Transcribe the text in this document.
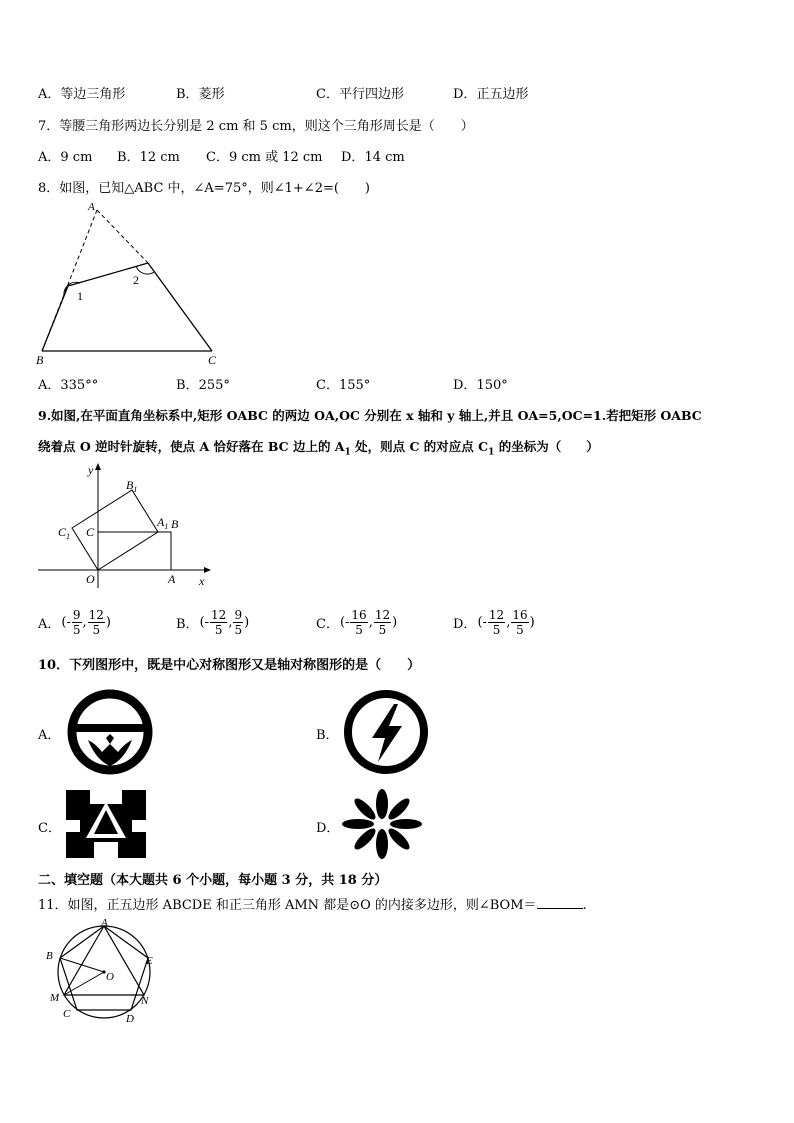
A．等边三角形	B．菱形	C．平行四边形	D．正五边形
7．等腰三角形两边长分别是 2 cm 和 5 cm，则这个三角形周长是（　　）
A．9 cm B．12 cm C．9 cm 或 12 cm D．14 cm
8．如图，已知△ABC 中，∠A=75°，则∠1+∠2=(　　)
A
B	C
1
2
A．335°°	B．255°	C．155°	D．150°
9.如图,在平面直角坐标系中,矩形 OABC 的两边 OA,OC 分别在 x 轴和 y 轴上,并且 OA=5,OC=1.若把矩形 OABC
绕着点 O 逆时针旋转，使点 A 恰好落在 BC 边上的 $A_1$ 处，则点 C 的对应点 $C_1$ 的坐标为（　　）
y
x
O	A
B
C
$B_1$
$A_1$
$C_1$
A． (- $\frac{9}{5}$ , $\frac{12}{5}$ )	B． (- $\frac{12}{5}$ , $\frac{9}{5}$ )	C． (- $\frac{16}{5}$ , $\frac{12}{5}$ )	D． (- $\frac{12}{5}$ , $\frac{16}{5}$ )
10．下列图形中，既是中心对称图形又是轴对称图形的是（　　）
A．	B．
C．	D．
二、填空题（本大题共 6 个小题，每小题 3 分，共 18 分）
11．如图，正五边形 ABCDE 和正三角形 AMN 都是⊙O 的内接多边形，则∠BOM＝	.
A
B
C	D
E
M	N
O
